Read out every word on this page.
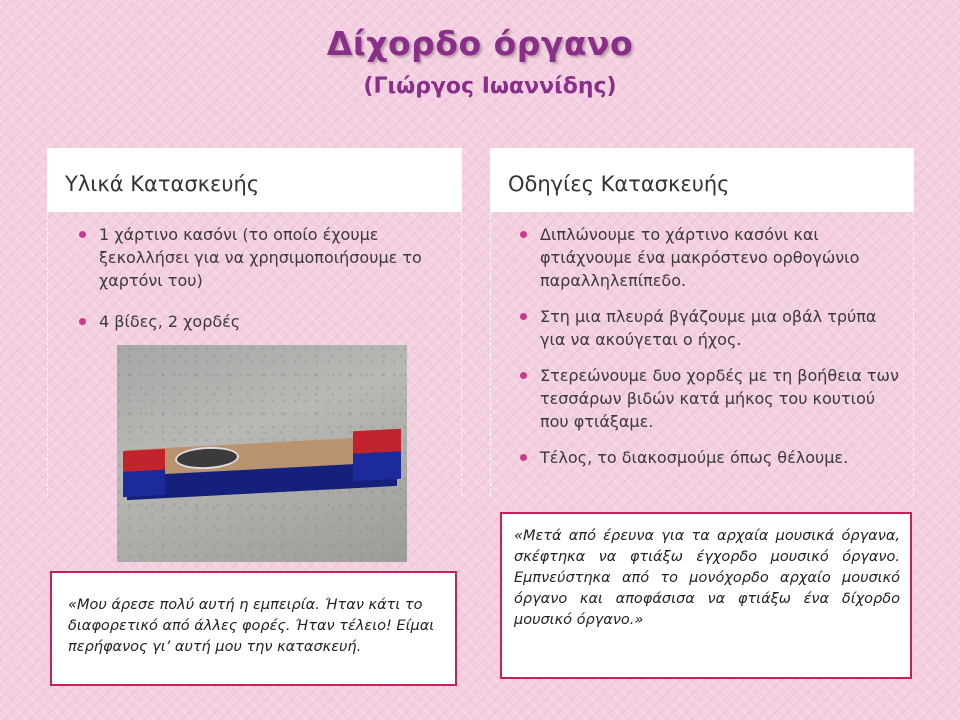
Δίχορδο όργανο
(Γιώργος Ιωαννίδης)
Υλικά Κατασκευής	Οδηγίες Κατασκευής
1 χάρτινο κασόνι (το οποίο έχουμε ξεκολλήσει για να χρησιμοποιήσουμε το χαρτόνι του)
4 βίδες, 2 χορδές
Διπλώνουμε το χάρτινο κασόνι και φτιάχνουμε ένα μακρόστενο ορθογώνιο παραλληλεπίπεδο.
Στη μια πλευρά βγάζουμε μια οβάλ τρύπα για να ακούγεται ο ήχος.
Στερεώνουμε δυο χορδές με τη βοήθεια των τεσσάρων βιδών κατά μήκος του κουτιού που φτιάξαμε.
Τέλος, το διακοσμούμε όπως θέλουμε.
«Μου άρεσε πολύ αυτή η εμπειρία. Ήταν κάτι το διαφορετικό από άλλες φορές. Ήταν τέλειο! Είμαι περήφανος γι’ αυτή μου την κατασκευή.
«Μετά από έρευνα για τα αρχαία μουσικά όργανα, σκέφτηκα να φτιάξω έγχορδο μουσικό όργανο. Εμπνεύστηκα από το μονόχορδο αρχαίο μουσικό όργανο και αποφάσισα να φτιάξω ένα δίχορδο μουσικό όργανο.»
